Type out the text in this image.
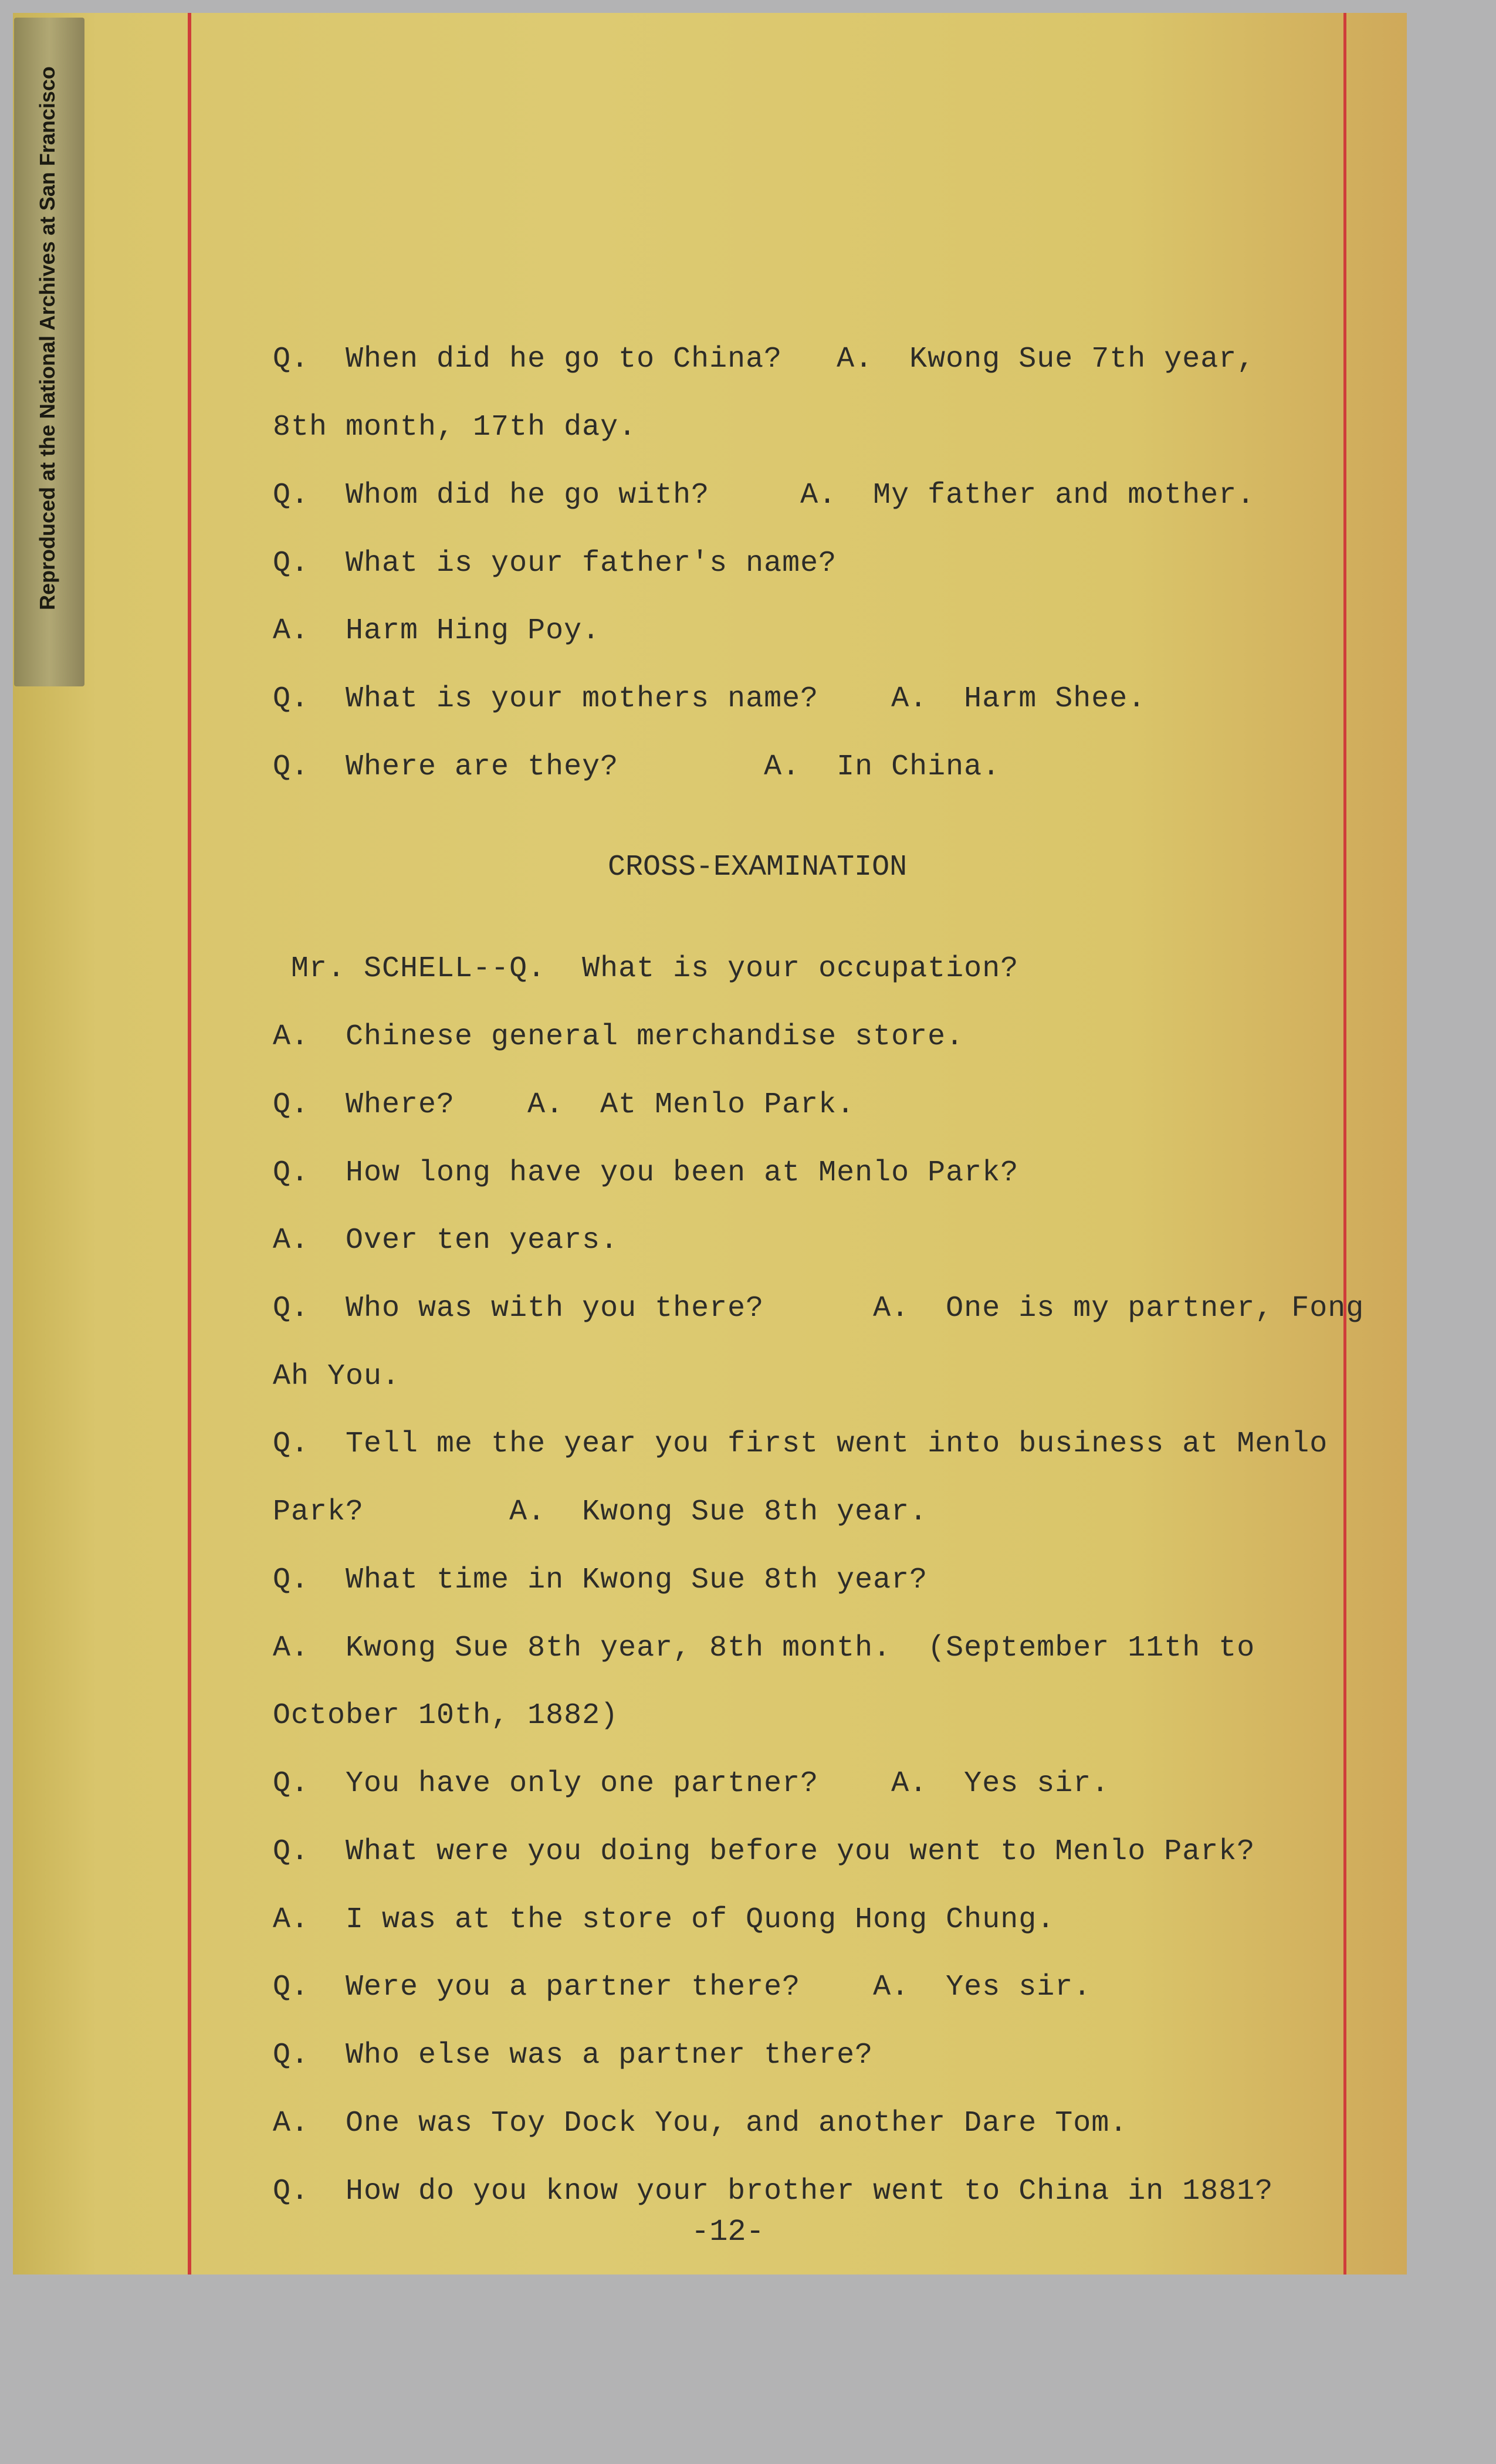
Reproduced at the National Archives at San Francisco	Q.  When did he go to China?   A.  Kwong Sue 7th year,
8th month, 17th day.
Q.  Whom did he go with?     A.  My father and mother.
Q.  What is your father's name?
A.  Harm Hing Poy.
Q.  What is your mothers name?    A.  Harm Shee.
Q.  Where are they?        A.  In China.
CROSS-EXAMINATION
Mr. SCHELL--Q.  What is your occupation?
A.  Chinese general merchandise store.
Q.  Where?    A.  At Menlo Park.
Q.  How long have you been at Menlo Park?
A.  Over ten years.
Q.  Who was with you there?      A.  One is my partner, Fong
Ah You.
Q.  Tell me the year you first went into business at Menlo
Park?        A.  Kwong Sue 8th year.
Q.  What time in Kwong Sue 8th year?
A.  Kwong Sue 8th year, 8th month.  (September 11th to
October 10th, 1882)
Q.  You have only one partner?    A.  Yes sir.
Q.  What were you doing before you went to Menlo Park?
A.  I was at the store of Quong Hong Chung.
Q.  Were you a partner there?    A.  Yes sir.
Q.  Who else was a partner there?
A.  One was Toy Dock You, and another Dare Tom.
Q.  How do you know your brother went to China in 1881?
-12-
